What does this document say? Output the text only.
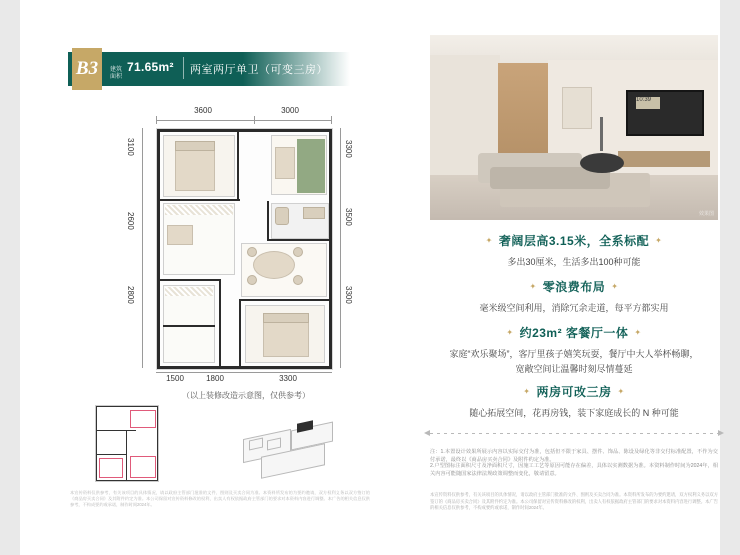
B3	建筑面积
71.65m² 两室两厅单卫（可变三房）
3600	3000
3100
2600
2800
3300
3500
3300
1500	1800	3300
（以上装修改造示意图，仅供参考）
本宣传资料仅供参考，有关该项目的具体情况，请以政府主管部门批准的文件、图则及买卖合同为准。本资料所发布的为要约邀请，双方权利义务以双方签订的《商品房买卖合同》及其附件约定为准。本公司保留对宣传资料修改的权利，出卖人有权依据政府主管部门的要求对本资料内容进行调整。本广告的相关信息仅供参考，不构成要约或承诺，制作时间2024年。
10:39
效果图
✦ 奢阔层高3.15米，全系标配 ✦
多出30厘米，生活多出100种可能
✦ 零浪费布局 ✦
毫米级空间利用，消除冗余走道，每平方都实用
✦ 约23m² 客餐厅一体 ✦
家庭“欢乐聚场”，客厅里孩子嬉笑玩耍，餐厅中大人举杯畅聊，
宽敞空间让温馨时刻尽情蔓延
✦ 两房可改三房 ✦
随心拓展空间，花再房钱，装下家庭成长的 N 种可能
注：1.本置设计效果所展示内容以实际交付为准，包括但不限于家具、摆件、饰品、陈设及绿化等非交付标准配置，不作为交付承诺，最终以《商品房买卖合同》及附件约定为准。
2.户型图标注面积尺寸及净面积尺寸，因施工工艺等原因可能存在偏差，具体以实测数据为准。本资料制作时间为2024年，相关内容可能随国家法律法规政策调整而变化，敬请留意。
本宣传资料仅供参考，有关该项目的具体情况，请以政府主管部门批准的文件、图则及买卖合同为准。本资料所发布的为要约邀请，双方权利义务以双方签订的《商品房买卖合同》及其附件约定为准。本公司保留对宣传资料修改的权利，出卖人有权依据政府主管部门的要求对本资料内容进行调整。本广告的相关信息仅供参考，不构成要约或承诺，制作时间2024年。
